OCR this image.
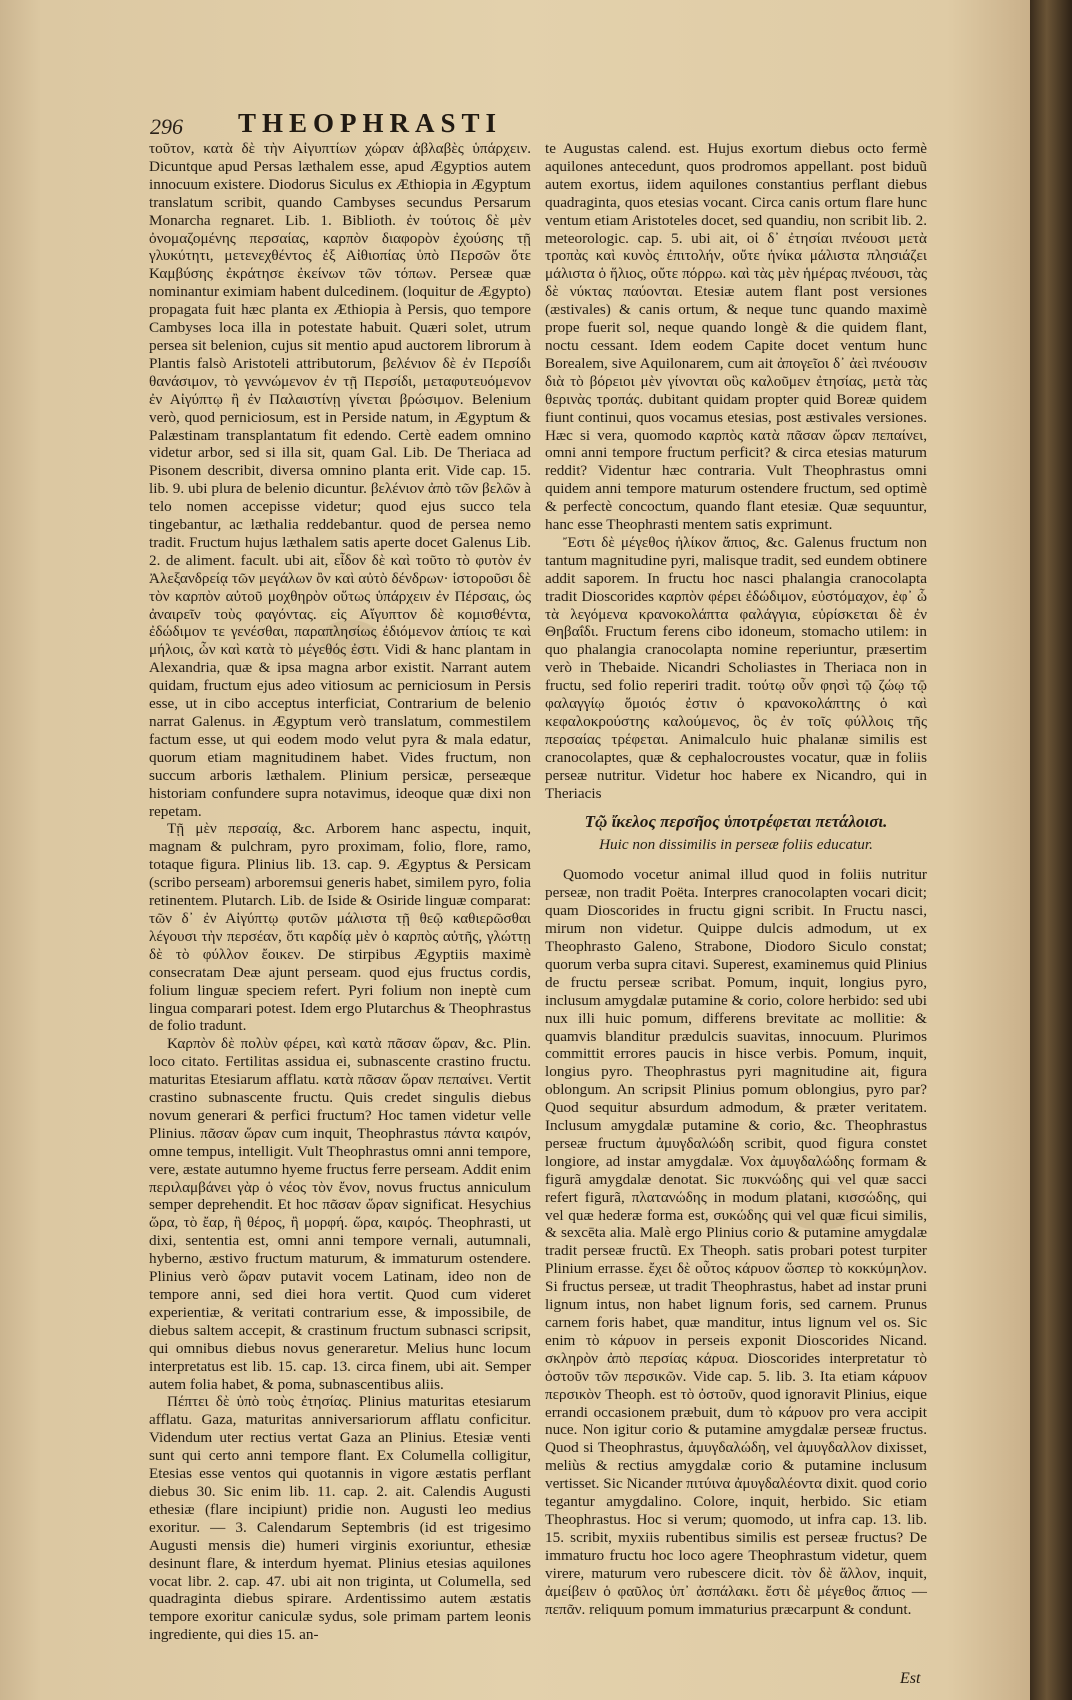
296 THEOPHRASTI

τοῦτον, κατὰ δὲ τὴν Αἰγυπτίων χώραν ἀβλαβὲς ὑπάρχειν. Dicuntque apud Persas læthalem esse, apud Ægyptios autem innocuum existere. Diodorus Siculus ex Æthiopia in Ægyptum translatum scribit, quando Cambyses secundus Persarum Monarcha regnaret. Lib. 1. Biblioth. ἐν τούτοις δὲ μὲν ὀνομαζομένης περσαίας, καρπὸν διαφορὸν ἐχούσης τῇ γλυκύτητι, μετενεχθέντος ἐξ Αἰθιοπίας ὑπὸ Περσῶν ὅτε Καμβύσης ἐκράτησε ἐκείνων τῶν τόπων. Perseæ quæ nominantur eximiam habent dulcedinem. (loquitur de Ægypto) propagata fuit hæc planta ex Æthiopia à Persis, quo tempore Cambyses loca illa in potestate habuit. Quæri solet, utrum persea sit belenion, cujus sit mentio apud auctorem librorum à Plantis falsò Aristoteli attributorum, βελένιον δὲ ἐν Περσίδι θανάσιμον, τὸ γεννώμενον ἐν τῇ Περσίδι, μεταφυτευόμενον ἐν Αἰγύπτῳ ἢ ἐν Παλαιστίνῃ γίνεται βρώσιμον. Belenium verò, quod perniciosum, est in Perside natum, in Ægyptum & Palæstinam transplantatum fit edendo. Certè eadem omnino videtur arbor, sed si illa sit, quam Gal. Lib. De Theriaca ad Pisonem describit, diversa omnino planta erit. Vide cap. 15. lib. 9. ubi plura de belenio dicuntur. βελένιον ἀπὸ τῶν βελῶν à telo nomen accepisse videtur; quod ejus succo tela tingebantur, ac læthalia reddebantur. quod de persea nemo tradit. Fructum hujus læthalem satis aperte docet Galenus Lib. 2. de aliment. facult. ubi ait, εἶδον δὲ καὶ τοῦτο τὸ φυτὸν ἐν Ἀλεξανδρείᾳ τῶν μεγάλων ὂν καὶ αὐτὸ δένδρων· ἱστοροῦσι δὲ τὸν καρπὸν αὐτοῦ μοχθηρὸν οὕτως ὑπάρχειν ἐν Πέρσαις, ὡς ἀναιρεῖν τοὺς φαγόντας. εἰς Αἴγυπτον δὲ κομισθέντα, ἐδώδιμον τε γενέσθαι, παραπλησίως ἐδιόμενον ἀπίοις τε καὶ μήλοις, ὧν καὶ κατὰ τὸ μέγεθός ἐστι. Vidi & hanc plantam in Alexandria, quæ & ipsa magna arbor existit. Narrant autem quidam, fructum ejus adeo vitiosum ac perniciosum in Persis esse, ut in cibo acceptus interficiat, Contrarium de belenio narrat Galenus. in Ægyptum verò translatum, commestilem factum esse, ut qui eodem modo velut pyra & mala edatur, quorum etiam magnitudinem habet. Vides fructum, non succum arboris læthalem. Plinium persicæ, perseæque historiam confundere supra notavimus, ideoque quæ dixi non repetam.

Τῇ μὲν περσαίᾳ, &c. Arborem hanc aspectu, inquit, magnam & pulchram, pyro proximam, folio, flore, ramo, totaque figura. Plinius lib. 13. cap. 9. Ægyptus & Persicam (scribo perseam) arboremsui generis habet, similem pyro, folia retinentem. Plutarch. Lib. de Iside & Osiride linguæ comparat: τῶν δ᾽ ἐν Αἰγύπτῳ φυτῶν μάλιστα τῇ θεῷ καθιερῶσθαι λέγουσι τὴν περσέαν, ὅτι καρδίᾳ μὲν ὁ καρπὸς αὐτῆς, γλώττῃ δὲ τὸ φύλλον ἔοικεν. De stirpibus Ægyptiis maximè consecratam Deæ ajunt perseam. quod ejus fructus cordis, folium linguæ speciem refert. Pyri folium non ineptè cum lingua comparari potest. Idem ergo Plutarchus & Theophrastus de folio tradunt.

Καρπὸν δὲ πολὺν φέρει, καὶ κατὰ πᾶσαν ὥραν, &c. Plin. loco citato. Fertilitas assidua ei, subnascente crastino fructu. maturitas Etesiarum afflatu. κατὰ πᾶσαν ὥραν πεπαίνει. Vertit crastino subnascente fructu. Quis credet singulis diebus novum generari & perfici fructum? Hoc tamen videtur velle Plinius. πᾶσαν ὥραν cum inquit, Theophrastus πάντα καιρόν, omne tempus, intelligit. Vult Theophrastus omni anni tempore, vere, æstate autumno hyeme fructus ferre perseam. Addit enim περιλαμβάνει γὰρ ὁ νέος τὸν ἔνον, novus fructus anniculum semper deprehendit. Et hoc πᾶσαν ὥραν significat. Hesychius ὥρα, τὸ ἔαρ, ἢ θέρος, ἢ μορφή. ὥρα, καιρός. Theophrasti, ut dixi, sententia est, omni anni tempore vernali, autumnali, hyberno, æstivo fructum maturum, & immaturum ostendere. Plinius verò ὥραν putavit vocem Latinam, ideo non de tempore anni, sed diei hora vertit. Quod cum videret experientiæ, & veritati contrarium esse, & impossibile, de diebus saltem accepit, & crastinum fructum subnasci scripsit, qui omnibus diebus novus generaretur. Melius hunc locum interpretatus est lib. 15. cap. 13. circa finem, ubi ait. Semper autem folia habet, & poma, subnascentibus aliis.

Πέπτει δὲ ὑπὸ τοὺς ἐτησίας. Plinius maturitas etesiarum afflatu. Gaza, maturitas anniversariorum afflatu conficitur. Videndum uter rectius vertat Gaza an Plinius. Etesiæ venti sunt qui certo anni tempore flant. Ex Columella colligitur, Etesias esse ventos qui quotannis in vigore æstatis perflant diebus 30. Sic enim lib. 11. cap. 2. ait. Calendis Augusti ethesiæ (flare incipiunt) pridie non. Augusti leo medius exoritur. — 3. Calendarum Septembris (id est trigesimo Augusti mensis die) humeri virginis exoriuntur, ethesiæ desinunt flare, & interdum hyemat. Plinius etesias aquilones vocat libr. 2. cap. 47. ubi ait non triginta, ut Columella, sed quadraginta diebus spirare. Ardentissimo autem æstatis tempore exoritur caniculæ sydus, sole primam partem leonis ingrediente, qui dies 15. an-

te Augustas calend. est. Hujus exortum diebus octo fermè aquilones antecedunt, quos prodromos appellant. post biduũ autem exortus, iidem aquilones constantius perflant diebus quadraginta, quos etesias vocant. Circa canis ortum flare hunc ventum etiam Aristoteles docet, sed quandiu, non scribit lib. 2. meteorologic. cap. 5. ubi ait, οἱ δ᾽ ἐτησίαι πνέουσι μετὰ τροπὰς καὶ κυνὸς ἐπιτολήν, οὔτε ἡνίκα μάλιστα πλησιάζει μάλιστα ὁ ἥλιος, οὔτε πόρρω. καὶ τὰς μὲν ἡμέρας πνέουσι, τὰς δὲ νύκτας παύονται. Etesiæ autem flant post versiones (æstivales) & canis ortum, & neque tunc quando maximè prope fuerit sol, neque quando longè & die quidem flant, noctu cessant. Idem eodem Capite docet ventum hunc Borealem, sive Aquilonarem, cum ait ἀπογεῖοι δ᾽ ἀεὶ πνέουσιν διὰ τὸ βόρειοι μὲν γίνονται οὓς καλοῦμεν ἐτησίας, μετὰ τὰς θερινὰς τροπάς. dubitant quidam propter quid Boreæ quidem fiunt continui, quos vocamus etesias, post æstivales versiones. Hæc si vera, quomodo καρπὸς κατὰ πᾶσαν ὥραν πεπαίνει, omni anni tempore fructum perficit? & circa etesias maturum reddit? Videntur hæc contraria. Vult Theophrastus omni quidem anni tempore maturum ostendere fructum, sed optimè & perfectè concoctum, quando flant etesiæ. Quæ sequuntur, hanc esse Theophrasti mentem satis exprimunt.

Ἔστι δὲ μέγεθος ἡλίκον ἄπιος, &c. Galenus fructum non tantum magnitudine pyri, malisque tradit, sed eundem obtinere addit saporem. In fructu hoc nasci phalangia cranocolapta tradit Dioscorides καρπὸν φέρει ἐδώδιμον, εὐστόμαχον, ἐφ᾽ ὧ τὰ λεγόμενα κρανοκολάπτα φαλάγγια, εὑρίσκεται δὲ ἐν Θηβαΐδι. Fructum ferens cibo idoneum, stomacho utilem: in quo phalangia cranocolapta nomine reperiuntur, præsertim verò in Thebaide. Nicandri Scholiastes in Theriaca non in fructu, sed folio reperiri tradit. τούτῳ οὖν φησὶ τῷ ζώῳ τῷ φαλαγγίῳ ὅμοιός ἐστιν ὁ κρανοκολάπτης ὁ καὶ κεφαλοκρούστης καλούμενος, ὃς ἐν τοῖς φύλλοις τῆς περσαίας τρέφεται. Animalculo huic phalanæ similis est cranocolaptes, quæ & cephalocroustes vocatur, quæ in foliis perseæ nutritur. Videtur hoc habere ex Nicandro, qui in Theriacis

Τῷ ἴκελος περσῆος ὑποτρέφεται πετάλοισι.

Huic non dissimilis in perseæ foliis educatur.

Quomodo vocetur animal illud quod in foliis nutritur perseæ, non tradit Poëta. Interpres cranocolapten vocari dicit; quam Dioscorides in fructu gigni scribit. In Fructu nasci, mirum non videtur. Quippe dulcis admodum, ut ex Theophrasto Galeno, Strabone, Diodoro Siculo constat; quorum verba supra citavi. Superest, examinemus quid Plinius de fructu perseæ scribat. Pomum, inquit, longius pyro, inclusum amygdalæ putamine & corio, colore herbido: sed ubi nux illi huic pomum, differens brevitate ac mollitie: & quamvis blanditur prædulcis suavitas, innocuum. Plurimos committit errores paucis in hisce verbis. Pomum, inquit, longius pyro. Theophrastus pyri magnitudine ait, figura oblongum. An scripsit Plinius pomum oblongius, pyro par? Quod sequitur absurdum admodum, & præter veritatem. Inclusum amygdalæ putamine & corio, &c. Theophrastus perseæ fructum ἀμυγδαλώδη scribit, quod figura constet longiore, ad instar amygdalæ. Vox ἀμυγδαλώδης formam & figurã amygdalæ denotat. Sic πυκνώδης qui vel quæ sacci refert figurã, πλατανώδης in modum platani, κισσώδης, qui vel quæ hederæ forma est, συκώδης qui vel quæ ficui similis, & sexcēta alia. Malè ergo Plinius corio & putamine amygdalæ tradit perseæ fructũ. Ex Theoph. satis probari potest turpiter Plinium errasse. ἔχει δὲ οὗτος κάρυον ὥσπερ τὸ κοκκύμηλον. Si fructus perseæ, ut tradit Theophrastus, habet ad instar pruni lignum intus, non habet lignum foris, sed carnem. Prunus carnem foris habet, quæ manditur, intus lignum vel os. Sic enim τὸ κάρυον in perseis exponit Dioscorides Nicand. σκληρὸν ἀπὸ περσίας κάρυα. Dioscorides interpretatur τὸ ὀστοῦν τῶν περσικῶν. Vide cap. 5. lib. 3. Ita etiam κάρυον περσικὸν Theoph. est τὸ ὀστοῦν, quod ignoravit Plinius, eique errandi occasionem præbuit, dum τὸ κάρυον pro vera accipit nuce. Non igitur corio & putamine amygdalæ perseæ fructus. Quod si Theophrastus, ἀμυγδαλώδη, vel ἀμυγδαλλον dixisset, meliùs & rectius amygdalæ corio & putamine inclusum vertisset. Sic Nicander πιτύινα ἀμυγδαλέοντα dixit. quod corio tegantur amygdalino. Colore, inquit, herbido. Sic etiam Theophrastus. Hoc si verum; quomodo, ut infra cap. 13. lib. 15. scribit, myxiis rubentibus similis est perseæ fructus? De immaturo fructu hoc loco agere Theophrastum videtur, quem virere, maturum vero rubescere dicit. τὸν δὲ ἄλλον, inquit, ἀμείβειν ὁ φαῦλος ὑπ᾽ ἀσπάλακι. ἔστι δὲ μέγεθος ἄπιος — πεπᾶν. reliquum pomum immaturius præcarpunt & condunt.

Est
